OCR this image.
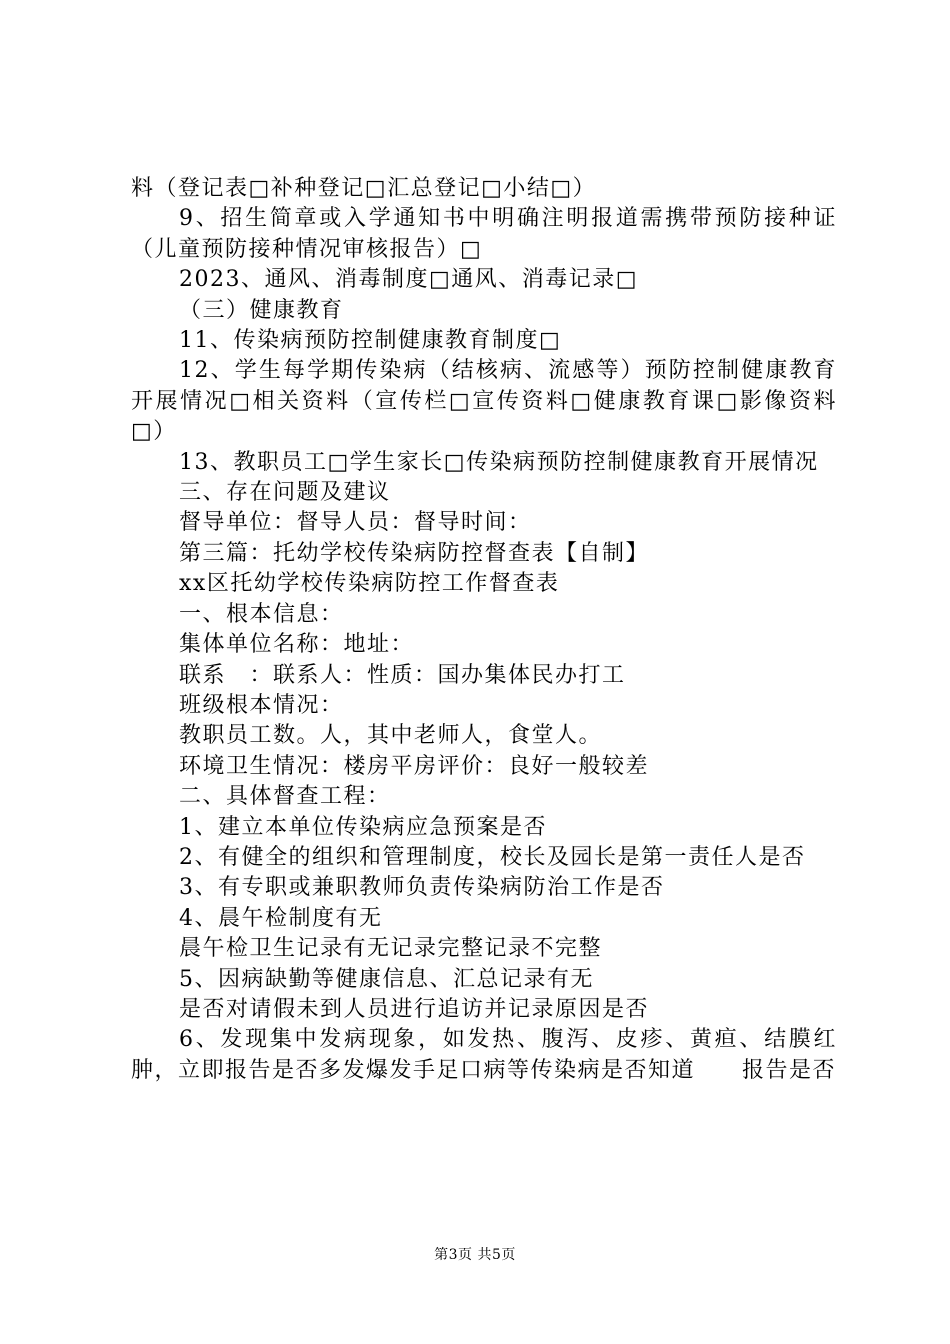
料（登记表□补种登记□汇总登记□小结□）

9、招生简章或入学通知书中明确注明报道需携带预防接种证（儿童预防接种情况审核报告）□

2023、通风、消毒制度□通风、消毒记录□

（三）健康教育

11、传染病预防控制健康教育制度□

12、学生每学期传染病（结核病、流感等）预防控制健康教育开展情况□相关资料（宣传栏□宣传资料□健康教育课□影像资料□）

13、教职员工□学生家长□传染病预防控制健康教育开展情况

三、存在问题及建议

督导单位：督导人员：督导时间：

第三篇：托幼学校传染病防控督查表【自制】

xx区托幼学校传染病防控工作督查表

一、根本信息：

集体单位名称：地址：

联系　：联系人：性质：国办集体民办打工

班级根本情况：

教职员工数。人，其中老师人，食堂人。

环境卫生情况：楼房平房评价：良好一般较差

二、具体督查工程：

1、建立本单位传染病应急预案是否

2、有健全的组织和管理制度，校长及园长是第一责任人是否

3、有专职或兼职教师负责传染病防治工作是否

4、晨午检制度有无

晨午检卫生记录有无记录完整记录不完整

5、因病缺勤等健康信息、汇总记录有无

是否对请假未到人员进行追访并记录原因是否

6、发现集中发病现象，如发热、腹泻、皮疹、黄疸、结膜红肿，立即报告是否多发爆发手足口病等传染病是否知道　　报告是否

第3页 共5页
